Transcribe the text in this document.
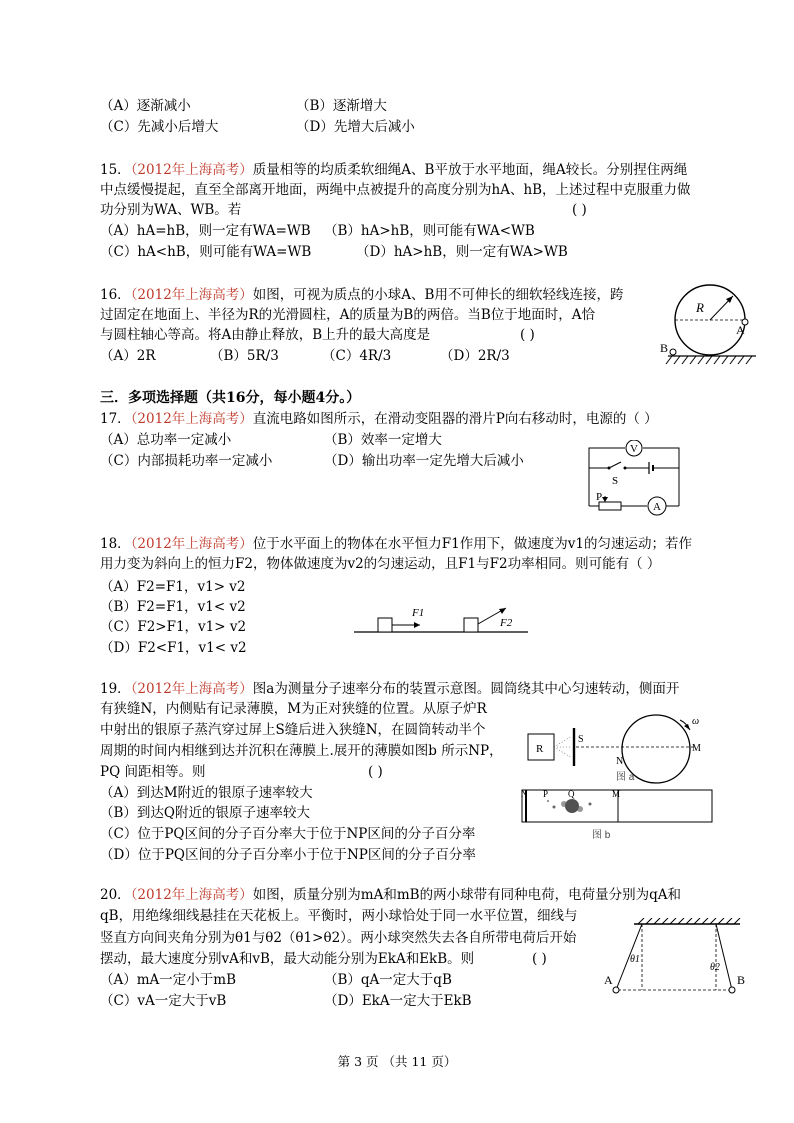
（A）逐渐减小	（B）逐渐增大
（C）先减小后增大	（D）先增大后减小
15．（2012年上海高考）质量相等的均质柔软细绳A、B平放于水平地面，绳A较长。分别捏住两绳
中点缓慢提起，直至全部离开地面，两绳中点被提升的高度分别为hA、hB，上述过程中克服重力做
功分别为WA、WB。若	( )
（A）hA=hB，则一定有WA=WB （B）hA>hB，则可能有WA<WB
（C）hA<hB，则可能有WA=WB	（D）hA>hB，则一定有WA>WB
16．（2012年上海高考）如图，可视为质点的小球A、B用不可伸长的细软轻线连接，跨
过固定在地面上、半径为R的光滑圆柱，A的质量为B的两倍。当B位于地面时，A恰
与圆柱轴心等高。将A由静止释放，B上升的最大高度是	( )
（A）2R	（B）5R/3	（C）4R/3	（D）2R/3
R
A
B
三．多项选择题（共16分，每小题4分。）
17．（2012年上海高考）直流电路如图所示，在滑动变阻器的滑片P向右移动时，电源的（ ）
（A）总功率一定减小	（B）效率一定增大
（C）内部损耗功率一定减小	（D）输出功率一定先增大后减小
V
S
P
A
18．（2012年上海高考）位于水平面上的物体在水平恒力F1作用下，做速度为v1的匀速运动；若作
用力变为斜向上的恒力F2，物体做速度为v2的匀速运动，且F1与F2功率相同。则可能有（ ）
（A）F2=F1，v1> v2
（B）F2=F1，v1< v2
（C）F2>F1，v1> v2
（D）F2<F1，v1< v2
F1
F2
19．（2012年上海高考）图a为测量分子速率分布的装置示意图。圆筒绕其中心匀速转动，侧面开
有狭缝N，内侧贴有记录薄膜，M为正对狭缝的位置。从原子炉R
中射出的银原子蒸汽穿过屏上S缝后进入狭缝N，在圆筒转动半个
周期的时间内相继到达并沉积在薄膜上.展开的薄膜如图b 所示NP，
PQ 间距相等。则	( )
（A）到达M附近的银原子速率较大
（B）到达Q附近的银原子速率较大
（C）位于PQ区间的分子百分率大于位于NP区间的分子百分率
（D）位于PQ区间的分子百分率小于位于NP区间的分子百分率
R
S
N
M
ω
图 a
N P Q	M
图 b
20．（2012年上海高考）如图，质量分别为mA和mB的两小球带有同种电荷，电荷量分别为qA和
qB，用绝缘细线悬挂在天花板上。平衡时，两小球恰处于同一水平位置，细线与
竖直方向间夹角分别为θ1与θ2（θ1>θ2）。两小球突然失去各自所带电荷后开始
摆动，最大速度分别vA和vB，最大动能分别为EkA和EkB。则	( )
（A）mA一定小于mB	（B）qA一定大于qB
（C）vA一定大于vB	（D）EkA一定大于EkB
A	B
θ1
θ2
第 3 页 （共 11 页）
